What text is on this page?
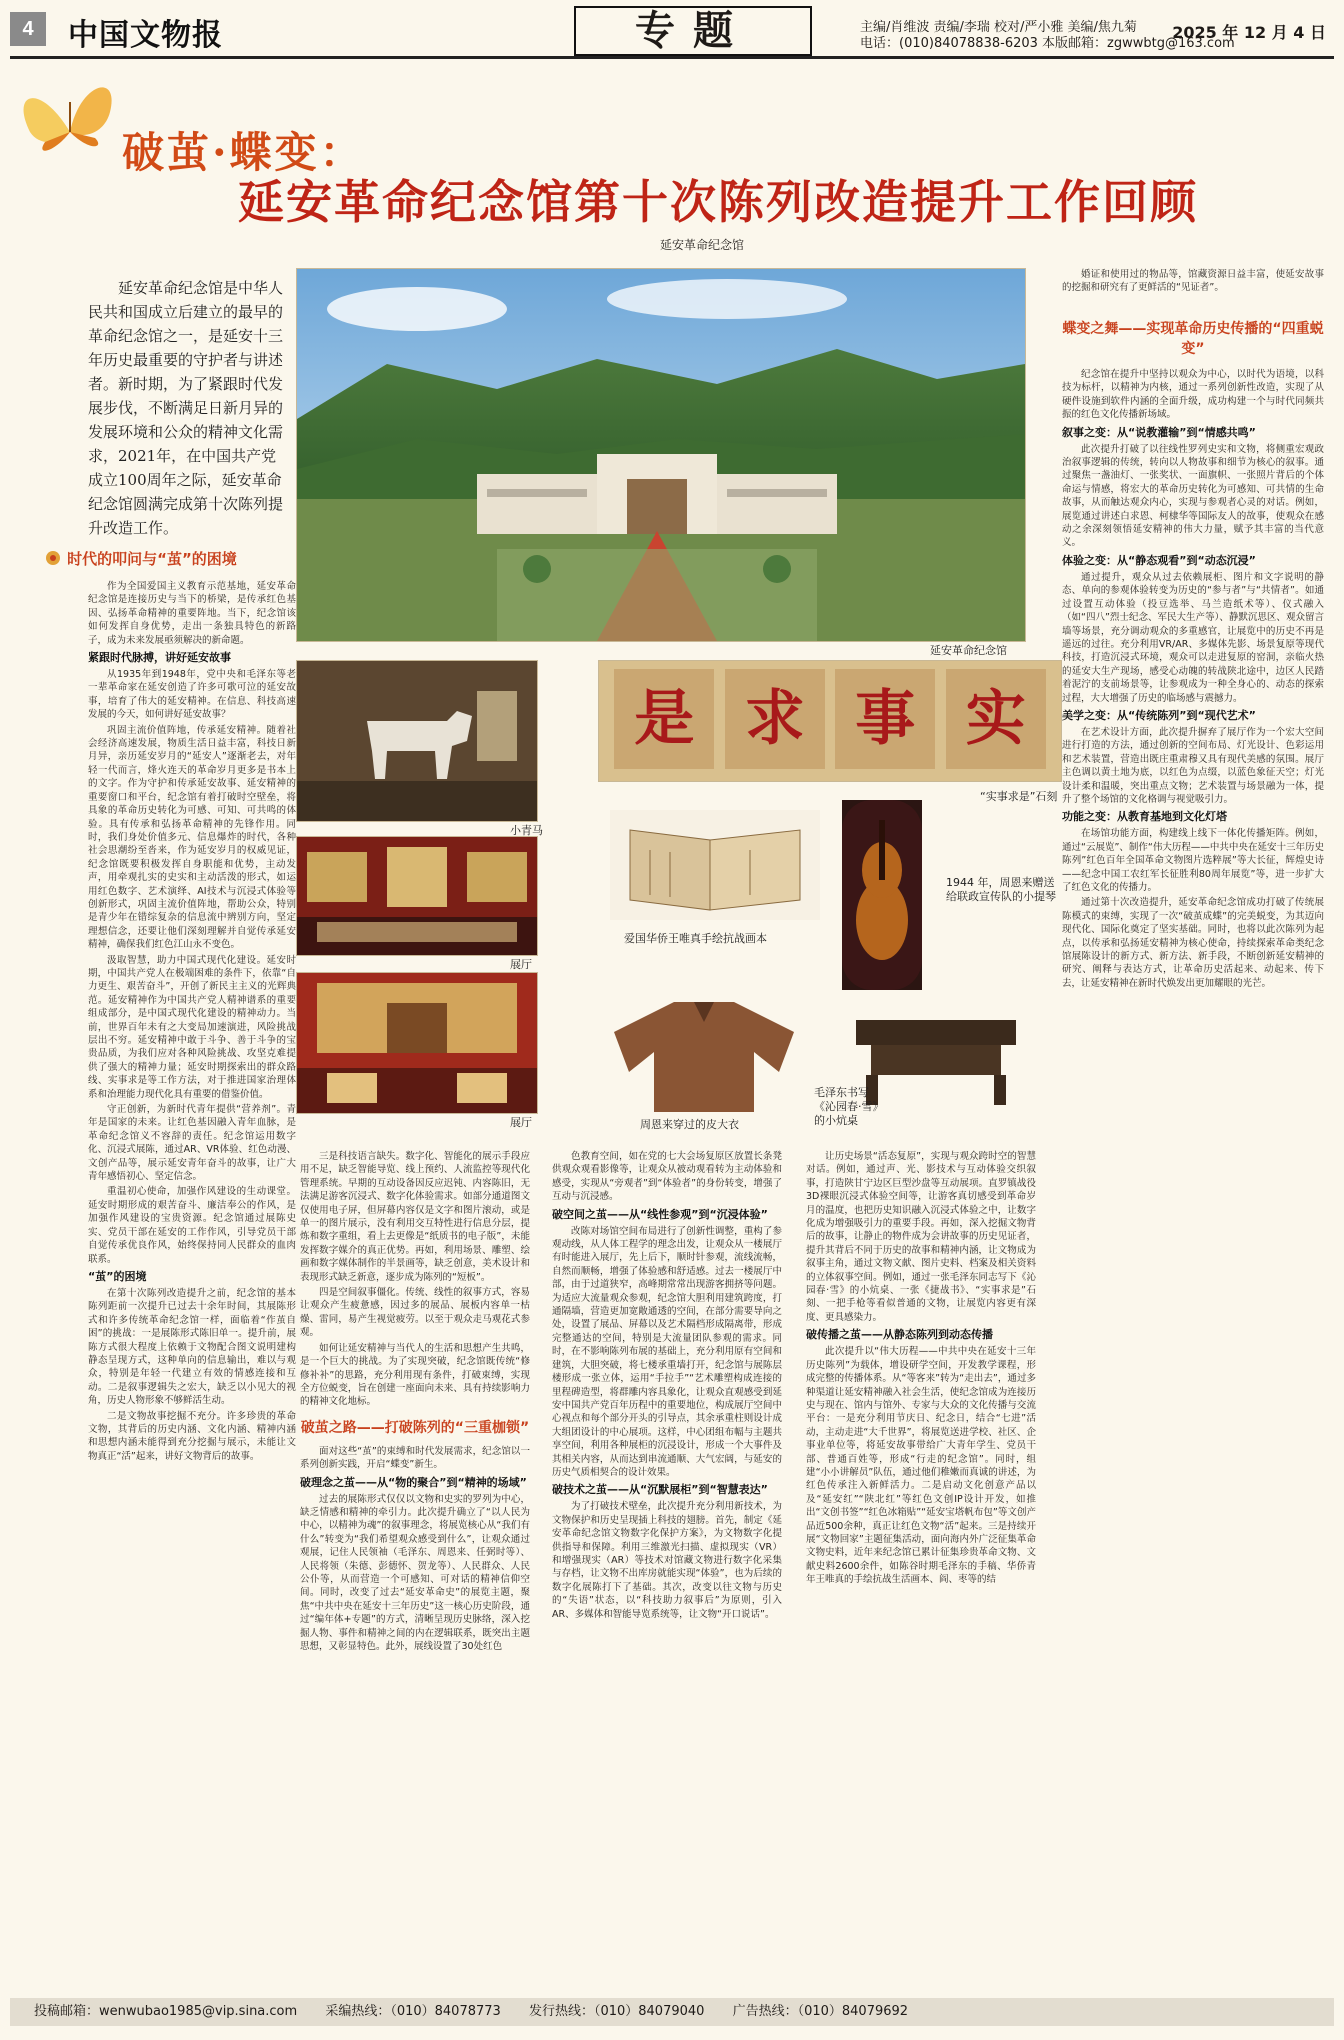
4	中国文物报	专题	主编/肖维波 责编/李瑞 校对/严小雅 美编/焦九菊
电话：(010)84078838-6203 本版邮箱：zgwwbtg@163.com
2025 年 12 月 4 日
破茧·蝶变：
延安革命纪念馆第十次陈列改造提升工作回顾
延安革命纪念馆
延安革命纪念馆是中华人民共和国成立后建立的最早的革命纪念馆之一，是延安十三年历史最重要的守护者与讲述者。新时期，为了紧跟时代发展步伐，不断满足日新月异的发展环境和公众的精神文化需求，2021年，在中国共产党成立100周年之际，延安革命纪念馆圆满完成第十次陈列提升改造工作。
时代的叩问与“茧”的困境
延安革命纪念馆
小青马
展厅
展厅
是 求 事 实
“实事求是”石刻
爱国华侨王唯真手绘抗战画本
1944 年，周恩来赠送给联政宣传队的小提琴
周恩来穿过的皮大衣
毛泽东书写《沁园春·雪》的小炕桌

作为全国爱国主义教育示范基地，延安革命纪念馆是连接历史与当下的桥梁，是传承红色基因、弘扬革命精神的重要阵地。当下，纪念馆该如何发挥自身优势，走出一条独具特色的新路子，成为未来发展亟须解决的新命题。

紧跟时代脉搏，讲好延安故事

从1935年到1948年，党中央和毛泽东等老一辈革命家在延安创造了许多可歌可泣的延安故事，培育了伟大的延安精神。在信息、科技高速发展的今天，如何讲好延安故事？

巩固主流价值阵地，传承延安精神。随着社会经济高速发展，物质生活日益丰富，科技日新月异，亲历延安岁月的“延安人”逐渐老去，对年轻一代而言，烽火连天的革命岁月更多是书本上的文字。作为守护和传承延安故事、延安精神的重要窗口和平台，纪念馆有着打破时空壁垒，将具象的革命历史转化为可感、可知、可共鸣的体验。具有传承和弘扬革命精神的先锋作用。同时，我们身处价值多元、信息爆炸的时代，各种社会思潮纷至沓来，作为延安岁月的权威见证，纪念馆既要积极发挥自身职能和优势，主动发声，用牵观扎实的史实和主动活泼的形式，如运用红色数字、艺术演绎、AI技术与沉浸式体验等创新形式，巩固主流价值阵地，帮助公众，特别是青少年在错综复杂的信息流中辨别方向，坚定理想信念，还要让他们深刻理解并自觉传承延安精神，确保我们红色江山永不变色。

汲取智慧，助力中国式现代化建设。延安时期，中国共产党人在极端困难的条件下，依靠“自力更生、艰苦奋斗”，开创了新民主主义的光辉典范。延安精神作为中国共产党人精神谱系的重要组成部分，是中国式现代化建设的精神动力。当前，世界百年未有之大变局加速演进，风险挑战层出不穷。延安精神中敢于斗争、善于斗争的宝贵品质，为我们应对各种风险挑战、攻坚克难提供了强大的精神力量；延安时期探索出的群众路线、实事求是等工作方法，对于推进国家治理体系和治理能力现代化具有重要的借鉴价值。

守正创新，为新时代青年提供“营养剂”。青年是国家的未来。让红色基因融入青年血脉，是革命纪念馆义不容辞的责任。纪念馆运用数字化、沉浸式展陈，通过AR、VR体验、红色动漫、文创产品等，展示延安青年奋斗的故事，让广大青年感悟初心、坚定信念。

重温初心使命，加强作风建设的生动课堂。延安时期形成的艰苦奋斗、廉洁奉公的作风，是加强作风建设的宝贵资源。纪念馆通过展陈史实、党员干部在延安的工作作风，引导党员干部自觉传承优良作风，始终保持同人民群众的血肉联系。

“茧”的困境

在第十次陈列改造提升之前，纪念馆的基本陈列距前一次提升已过去十余年时间，其展陈形式和许多传统革命纪念馆一样，面临着“作茧自困”的挑战：一是展陈形式陈旧单一。提升前，展陈方式很大程度上依赖于文物配合图文说明建构静态呈现方式，这种单向的信息输出，难以与观众，特别是年轻一代建立有效的情感连接和互动。二是叙事逻辑失之宏大，缺乏以小见大的视角，历史人物形象不够鲜活生动。

二是文物故事挖掘不充分。许多珍贵的革命文物，其背后的历史内涵、文化内涵、精神内涵和思想内涵未能得到充分挖掘与展示，未能让文物真正“活”起来，讲好文物背后的故事。

三是科技语言缺失。数字化、智能化的展示手段应用不足，缺乏智能导览、线上预约、人流监控等现代化管理系统。早期的互动设备因反应迟钝、内容陈旧，无法满足游客沉浸式、数字化体验需求。如部分通道图文仅使用电子屏，但屏幕内容仅是文字和图片滚动，或是单一的图片展示，没有利用交互特性进行信息分层，提炼和数字重组，看上去更像是“纸质书的电子版”，未能发挥数字媒介的真正优势。再如，利用场景、雕塑、绘画和数字媒体制作的半景画等，缺乏创意，美术设计和表现形式缺乏新意，逐步成为陈列的“短板”。

四是空间叙事僵化。传统、线性的叙事方式，容易让观众产生疲惫感，因过多的展品、展板内容单一枯燥、雷同，易产生视觉疲劳。以至于观众走马观花式参观。

如何让延安精神与当代人的生活和思想产生共鸣，是一个巨大的挑战。为了实现突破，纪念馆既传统“修修补补”的思路，充分利用现有条件，打破束缚，实现全方位蜕变，旨在创建一座面向未来、具有持续影响力的精神文化地标。

破茧之路——打破陈列的“三重枷锁”

面对这些“茧”的束缚和时代发展需求，纪念馆以一系列创新实践，开启“蝶变”新生。

破理念之茧——从“物的聚合”到“精神的场域”

过去的展陈形式仅仅以文物和史实的罗列为中心，缺乏情感和精神的牵引力。此次提升确立了“以人民为中心，以精神为魂”的叙事理念，将展览核心从“我们有什么”转变为“我们希望观众感受到什么”，让观众通过观展，记住人民领袖（毛泽东、周恩来、任弼时等）、人民将领（朱德、彭德怀、贺龙等）、人民群众、人民公仆等，从而营造一个可感知、可对话的精神信仰空间。同时，改变了过去“延安革命史”的展览主题，聚焦“中共中央在延安十三年历史”这一核心历史阶段，通过“编年体+专题”的方式，清晰呈现历史脉络，深入挖掘人物、事件和精神之间的内在逻辑联系，既突出主题思想，又彰显特色。此外，展线设置了30处红色

色教育空间，如在党的七大会场复原区放置长条凳供观众观看影像等，让观众从被动观看转为主动体验和感受，实现从“旁观者”到“体验者”的身份转变，增强了互动与沉浸感。

破空间之茧——从“线性参观”到“沉浸体验”

改陈对场馆空间布局进行了创新性调整，重构了参观动线，从人体工程学的理念出发，让观众从一楼展厅有时能进入展厅，先上后下，顺时针参观，流线流畅，自然而顺畅，增强了体验感和舒适感。过去一楼展厅中部，由于过道狭窄，高峰期常常出现游客拥挤等问题。为适应大流量观众参观，纪念馆大胆利用建筑跨度，打通隔墙，营造更加宽敞通透的空间，在部分需要导向之处，设置了展品、屏幕以及艺术隔档形成隔离带，形成完整通达的空间，特别是大流量团队参观的需求。同时，在不影响陈列布展的基础上，充分利用原有空间和建筑，大胆突破，将七楼承重墙打开，纪念馆与展陈层楼形成一张立体，运用“手拉手”“艺术雕塑构成连接的里程碑造型，将群雕内容具象化，让观众直观感受到延安中国共产党百年历程中的重要地位，构成展厅空间中心视点和每个部分开头的引导点，其余承重柱则设计成大组团设计的中心展项。这样，中心团组布幅与主题共享空间，利用各种展柜的沉浸设计，形成一个大事件及其相关内容，从而达到串流通顺、大气宏阔，与延安的历史气质相契合的设计效果。

破技术之茧——从“沉默展柜”到“智慧表达”

为了打破技术壁垒，此次提升充分利用新技术，为文物保护和历史呈现插上科技的翅膀。首先，制定《延安革命纪念馆文物数字化保护方案》，为文物数字化提供指导和保障。利用三维激光扫描、虚拟现实（VR）和增强现实（AR）等技术对馆藏文物进行数字化采集与存档，让文物不出库房就能实现“体验”，也为后续的数字化展陈打下了基础。其次，改变以往文物与历史的“失语”状态，以“科技助力叙事后”为原则，引入AR、多媒体和智能导览系统等，让文物“开口说话”。

让历史场景“活态复原”，实现与观众跨时空的智慧对话。例如，通过声、光、影技术与互动体验交织叙事，打造陕甘宁边区巨型沙盘等互动展项。直罗镇战役3D裸眼沉浸式体验空间等，让游客真切感受到革命岁月的温度，也把历史知识融入沉浸式体验之中，让数字化成为增强吸引力的重要手段。再如，深入挖掘文物背后的故事，让静止的物件成为会讲故事的历史见证者，提升其背后不同于历史的故事和精神内涵，让文物成为叙事主角，通过文物文献、图片史料、档案及相关资料的立体叙事空间。例如，通过一张毛泽东同志写下《沁园春·雪》的小炕桌、一张《捷战书》、“实事求是”石刻、一把手枪等看似普通的文物，让展览内容更有深度、更具感染力。

破传播之茧——从静态陈列到动态传播

此次提升以“伟大历程——中共中央在延安十三年历史陈列”为载体，增设研学空间，开发教学课程，形成完整的传播体系。从“等客来”转为“走出去”，通过多种渠道让延安精神融入社会生活，使纪念馆成为连接历史与现在、馆内与馆外、专家与大众的文化传播与交流平台：一是充分利用节庆日、纪念日，结合“七进”活动，主动走进“大千世界”，将展览送进学校、社区、企事业单位等，将延安故事带给广大青年学生、党员干部、普通百姓等，形成“行走的纪念馆”。同时，组建“小小讲解员”队伍，通过他们稚嫩而真诚的讲述，为红色传承注入新鲜活力。二是启动文化创意产品以及“延安红”“陕北红”等红色文创IP设计开发，如推出“文创书签”“红色冰箱贴”“延安宝塔帆布包”等文创产品近500余种，真正让红色文物“活”起来。三是持续开展“文物回家”主题征集活动，面向海内外广泛征集革命文物史料，近年来纪念馆已累计征集珍贵革命文物、文献史料2600余件，如陈谷时期毛泽东的手稿、华侨青年王唯真的手绘抗战生活画本、阎、枣等的结

婚证和使用过的物品等，馆藏资源日益丰富，使延安故事的挖掘和研究有了更鲜活的“见证者”。

蝶变之舞——实现革命历史传播的“四重蜕变”

纪念馆在提升中坚持以观众为中心，以时代为语境，以科技为标杆，以精神为内核，通过一系列创新性改造，实现了从硬件设施到软件内涵的全面升级，成功构建一个与时代同频共振的红色文化传播新场域。

叙事之变：从“说教灌输”到“情感共鸣”

此次提升打破了以往线性罗列史实和文物，将侧重宏观政治叙事逻辑的传统，转向以人物故事和细节为核心的叙事。通过聚焦一盏油灯、一张奖状、一面旗帜、一张照片背后的个体命运与情感，将宏大的革命历史转化为可感知、可共情的生命故事，从而触达观众内心，实现与参观者心灵的对话。例如，展览通过讲述白求恩、柯棣华等国际友人的故事，使观众在感动之余深刻领悟延安精神的伟大力量，赋予其丰富的当代意义。

体验之变：从“静态观看”到“动态沉浸”

通过提升，观众从过去依赖展柜、图片和文字说明的静态、单向的参观体验转变为历史的“参与者”与“共情者”。如通过设置互动体验（投豆选举、马兰造纸术等）、仪式融入（如“四八”烈士纪念、军民大生产等）、静默沉思区、观众留言墙等场景，充分调动观众的多重感官，让展览中的历史不再是遥远的过往。充分利用VR/AR、多媒体先影、场景复原等现代科技，打造沉浸式环境，观众可以走进复原的窑洞，亲临火热的延安大生产现场，感受心动魄的转战陕北途中，边区人民踏着泥泞的支前场景等，让参观成为一种全身心的、动态的探索过程，大大增强了历史的临场感与震撼力。

美学之变：从“传统陈列”到“现代艺术”

在艺术设计方面，此次提升摒弃了展厅作为一个宏大空间进行打造的方法，通过创新的空间布局、灯光设计、色彩运用和艺术装置，营造出既庄重肃穆又具有现代美感的氛围。展厅主色调以黄土地为底，以红色为点缀，以蓝色象征天空；灯光设计柔和温暖，突出重点文物；艺术装置与场景融为一体，提升了整个场馆的文化格调与视觉吸引力。

功能之变：从教育基地到文化灯塔

在场馆功能方面，构建线上线下一体化传播矩阵。例如，通过“云展览”、制作“伟大历程——中共中央在延安十三年历史陈列”红色百年全国革命文物图片选粹展”等大长征，辉煌史诗——纪念中国工农红军长征胜利80周年展览”等，进一步扩大了红色文化的传播力。

通过第十次改造提升，延安革命纪念馆成功打破了传统展陈模式的束缚，实现了一次“破茧成蝶”的完美蜕变，为其迈向现代化、国际化奠定了坚实基础。同时，也将以此次陈列为起点，以传承和弘扬延安精神为核心使命，持续探索革命类纪念馆展陈设计的新方式、新方法、新手段，不断创新延安精神的研究、阐释与表达方式，让革命历史活起来、动起来、传下去，让延安精神在新时代焕发出更加耀眼的光芒。

投稿邮箱：wenwubao1985@vip.sina.com 采编热线：（010）84078773 发行热线：（010）84079040 广告热线：（010）84079692
